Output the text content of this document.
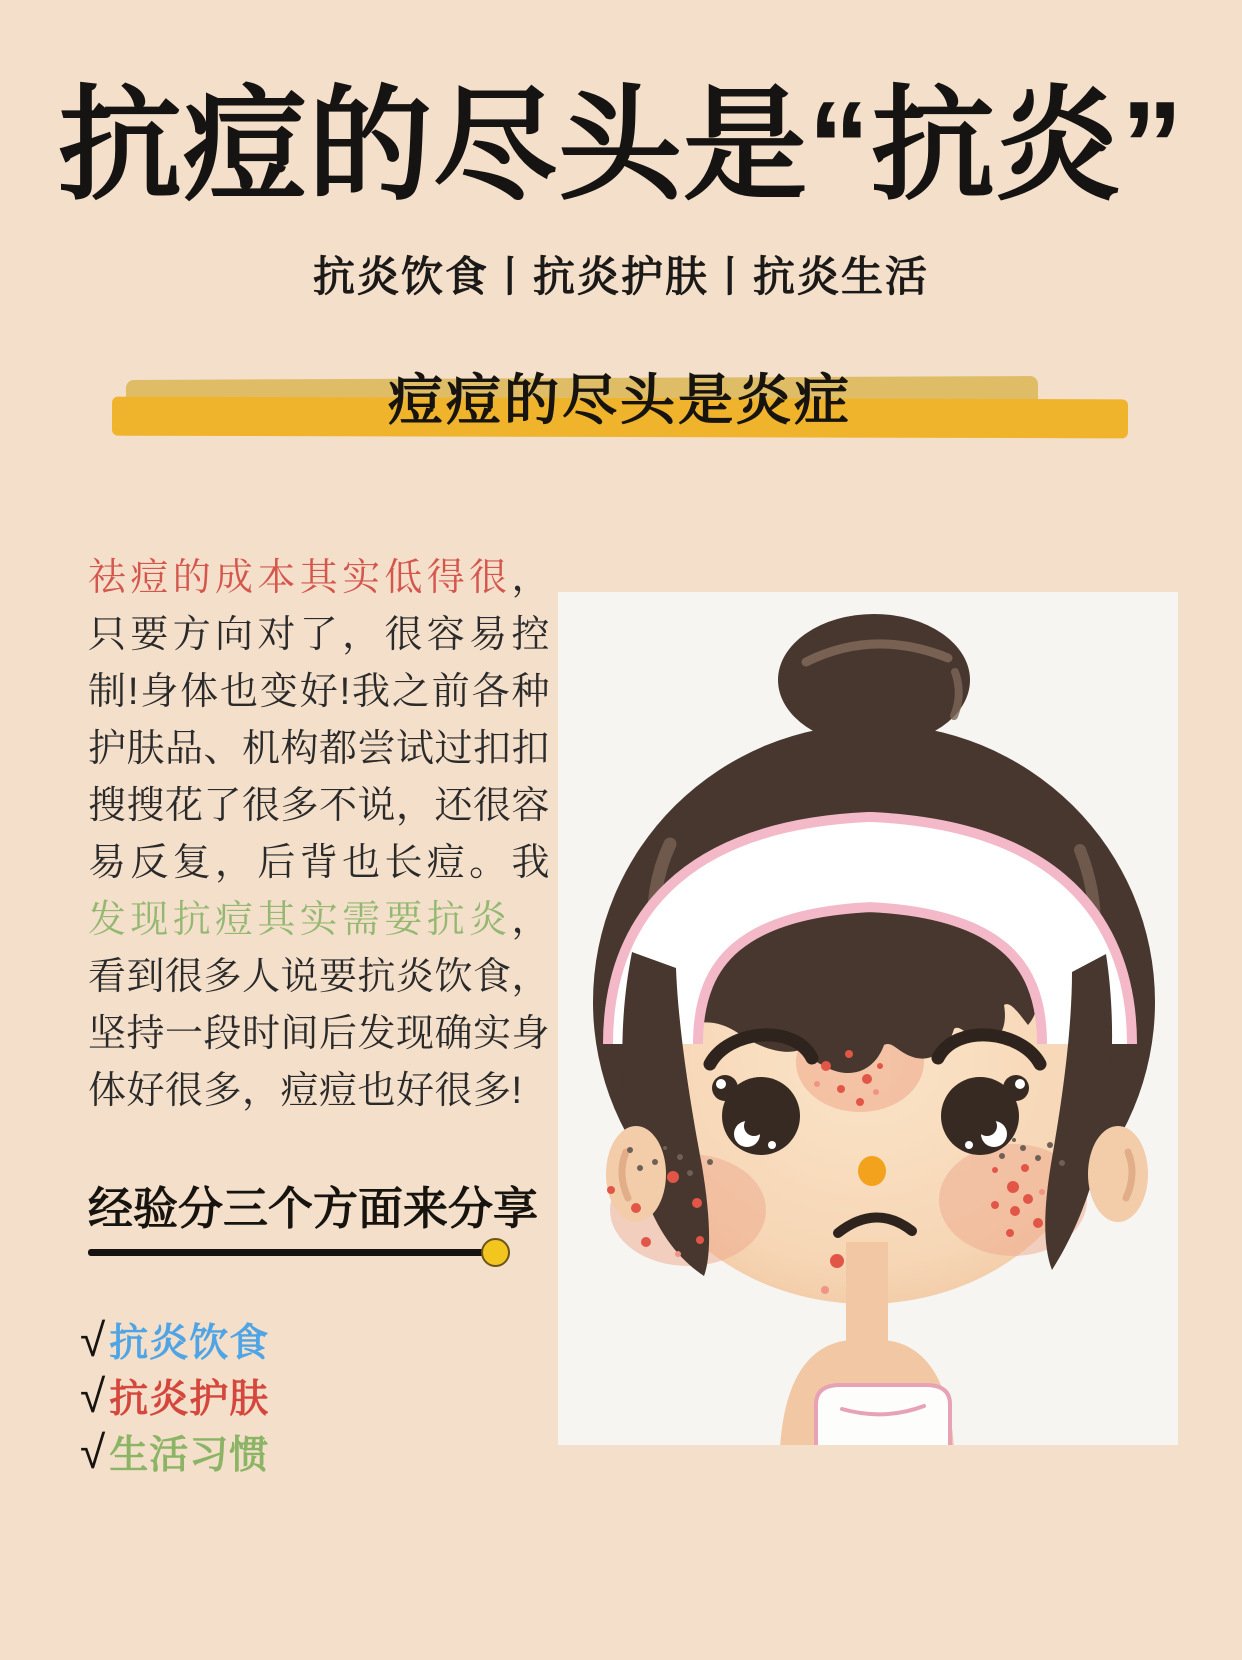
抗痘的尽头是“抗炎”
抗炎饮食丨抗炎护肤丨抗炎生活
痘痘的尽头是炎症

祛痘的成本其实低得很，只要方向对了，很容易控制!身体也变好!我之前各种护肤品、机构都尝试过扣扣搜搜花了很多不说，还很容易反复，后背也长痘。我发现抗痘其实需要抗炎，看到很多人说要抗炎饮食，坚持一段时间后发现确实身体好很多，痘痘也好很多!

经验分三个方面来分享
√ 抗炎饮食
√ 抗炎护肤
√ 生活习惯
